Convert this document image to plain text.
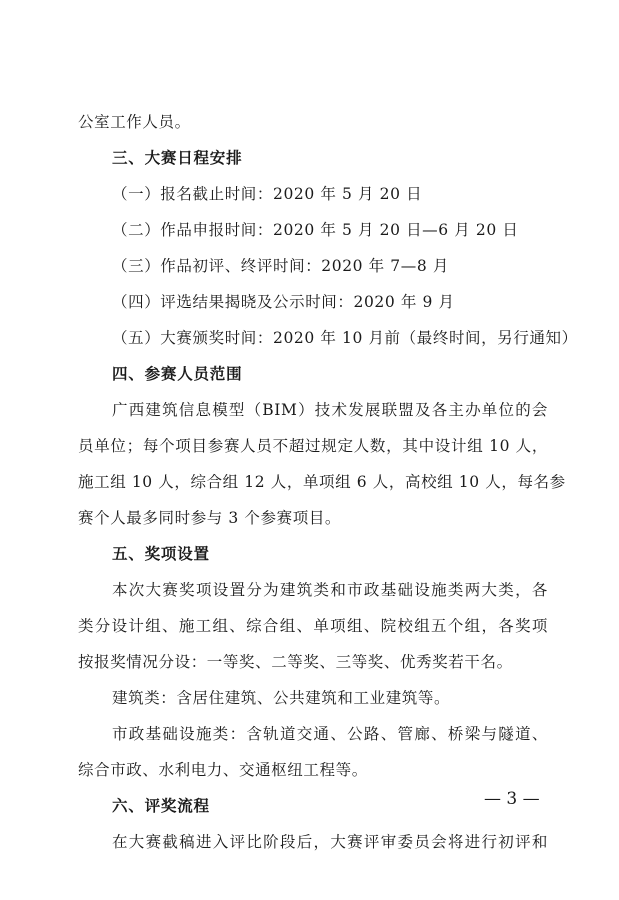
公室工作人员。
三、大赛日程安排
（一）报名截止时间：2020 年 5 月 20 日
（二）作品申报时间：2020 年 5 月 20 日—6 月 20 日
（三）作品初评、终评时间：2020 年 7—8 月
（四）评选结果揭晓及公示时间：2020 年 9 月
（五）大赛颁奖时间：2020 年 10 月前（最终时间，另行通知）
四、参赛人员范围
广西建筑信息模型（BIM）技术发展联盟及各主办单位的会
员单位；每个项目参赛人员不超过规定人数，其中设计组 10 人，
施工组 10 人，综合组 12 人，单项组 6 人，高校组 10 人，每名参
赛个人最多同时参与 3 个参赛项目。
五、奖项设置
本次大赛奖项设置分为建筑类和市政基础设施类两大类，各
类分设计组、施工组、综合组、单项组、院校组五个组，各奖项
按报奖情况分设：一等奖、二等奖、三等奖、优秀奖若干名。
建筑类：含居住建筑、公共建筑和工业建筑等。
市政基础设施类：含轨道交通、公路、管廊、桥梁与隧道、
综合市政、水利电力、交通枢纽工程等。
六、评奖流程
在大赛截稿进入评比阶段后，大赛评审委员会将进行初评和
— 3 —
